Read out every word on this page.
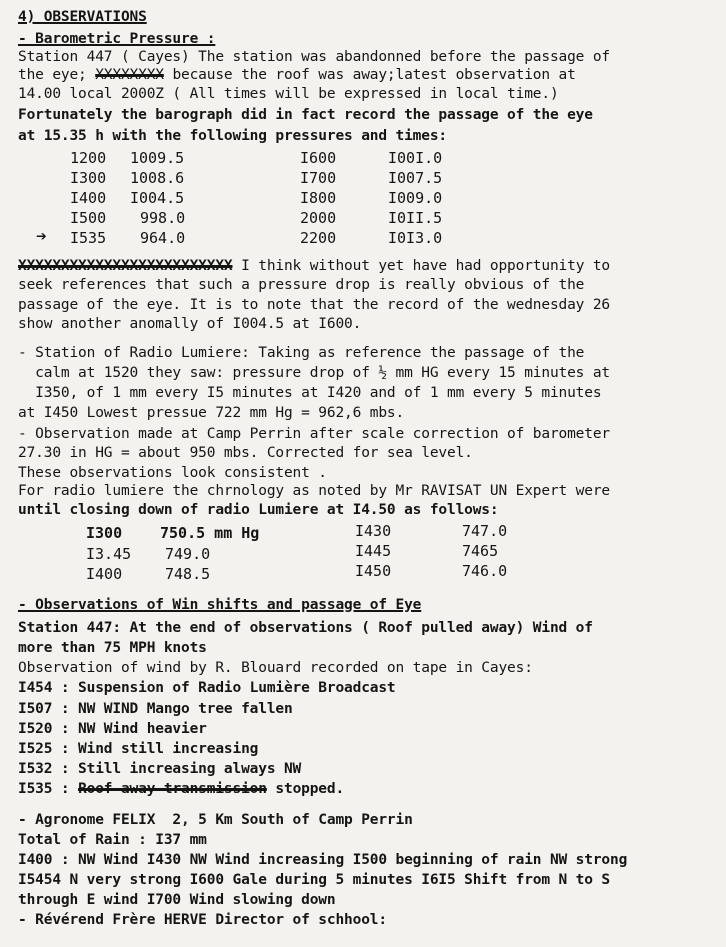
4) OBSERVATIONS
- Barometric Pressure :
Station 447 ( Cayes) The station was abandonned before the passage of
the eye; XXXXXXXX because the roof was away;latest observation at
14.00 local 2000Z ( All times will be expressed in local time.)
Fortunately the barograph did in fact record the passage of the eye
at 15.35 h with the following pressures and times:
1200 1009.5	I600	I00I.0
I300 1008.6	I700	I007.5
I400 I004.5	I800	I009.0
I500 998.0	2000	I0II.5
➔ I535 964.0	2200	I0I3.0
XXXXXXXXXXXXXXXXXXXXXXXXX I think without yet have had opportunity to
seek references that such a pressure drop is really obvious of the
passage of the eye. It is to note that the record of the wednesday 26
show another anomally of I004.5 at I600.
- Station of Radio Lumiere: Taking as reference the passage of the
calm at 1520 they saw: pressure drop of ½ mm HG every 15 minutes at
I350, of 1 mm every I5 minutes at I420 and of 1 mm every 5 minutes
at I450 Lowest pressue 722 mm Hg = 962,6 mbs.
- Observation made at Camp Perrin after scale correction of barometer
27.30 in HG = about 950 mbs. Corrected for sea level.
These observations look consistent .
For radio lumiere the chrnology as noted by Mr RAVISAT UN Expert were
until closing down of radio Lumiere at I4.50 as follows:
I300	750.5 mm Hg	I430	747.0
I3.45 749.0	I445	7465
I400	748.5	I450	746.0
- Observations of Win shifts and passage of Eye
Station 447: At the end of observations ( Roof pulled away) Wind of
more than 75 MPH knots
Observation of wind by R. Blouard recorded on tape in Cayes:
I454 : Suspension of Radio Lumière Broadcast
I507 : NW WIND Mango tree fallen
I520 : NW Wind heavier
I525 : Wind still increasing
I532 : Still increasing always NW
I535 : Roof away transmission stopped.
- Agronome FELIX  2, 5 Km South of Camp Perrin
Total of Rain : I37 mm
I400 : NW Wind I430 NW Wind increasing I500 beginning of rain NW strong
I5454 N very strong I600 Gale during 5 minutes I6I5 Shift from N to S
through E wind I700 Wind slowing down
- Révérend Frère HERVE Director of schhool:
